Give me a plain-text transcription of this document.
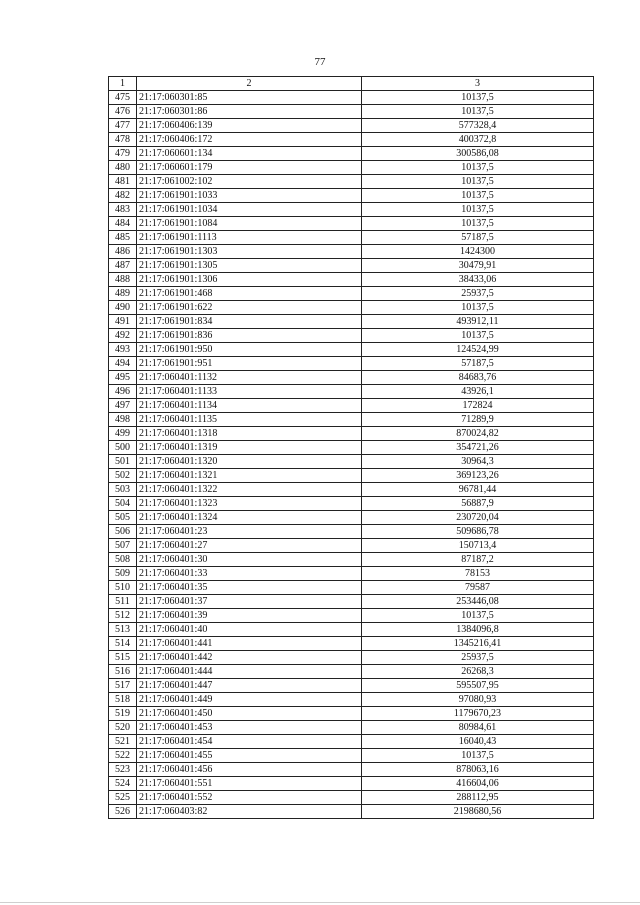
77
1	2	3
475	21:17:060301:85	10137,5
476	21:17:060301:86	10137,5
477	21:17:060406:139	577328,4
478	21:17:060406:172	400372,8
479	21:17:060601:134	300586,08
480	21:17:060601:179	10137,5
481	21:17:061002:102	10137,5
482	21:17:061901:1033	10137,5
483	21:17:061901:1034	10137,5
484	21:17:061901:1084	10137,5
485	21:17:061901:1113	57187,5
486	21:17:061901:1303	1424300
487	21:17:061901:1305	30479,91
488	21:17:061901:1306	38433,06
489	21:17:061901:468	25937,5
490	21:17:061901:622	10137,5
491	21:17:061901:834	493912,11
492	21:17:061901:836	10137,5
493	21:17:061901:950	124524,99
494	21:17:061901:951	57187,5
495	21:17:060401:1132	84683,76
496	21:17:060401:1133	43926,1
497	21:17:060401:1134	172824
498	21:17:060401:1135	71289,9
499	21:17:060401:1318	870024,82
500	21:17:060401:1319	354721,26
501	21:17:060401:1320	30964,3
502	21:17:060401:1321	369123,26
503	21:17:060401:1322	96781,44
504	21:17:060401:1323	56887,9
505	21:17:060401:1324	230720,04
506	21:17:060401:23	509686,78
507	21:17:060401:27	150713,4
508	21:17:060401:30	87187,2
509	21:17:060401:33	78153
510	21:17:060401:35	79587
511	21:17:060401:37	253446,08
512	21:17:060401:39	10137,5
513	21:17:060401:40	1384096,8
514	21:17:060401:441	1345216,41
515	21:17:060401:442	25937,5
516	21:17:060401:444	26268,3
517	21:17:060401:447	595507,95
518	21:17:060401:449	97080,93
519	21:17:060401:450	1179670,23
520	21:17:060401:453	80984,61
521	21:17:060401:454	16040,43
522	21:17:060401:455	10137,5
523	21:17:060401:456	878063,16
524	21:17:060401:551	416604,06
525	21:17:060401:552	288112,95
526	21:17:060403:82	2198680,56
